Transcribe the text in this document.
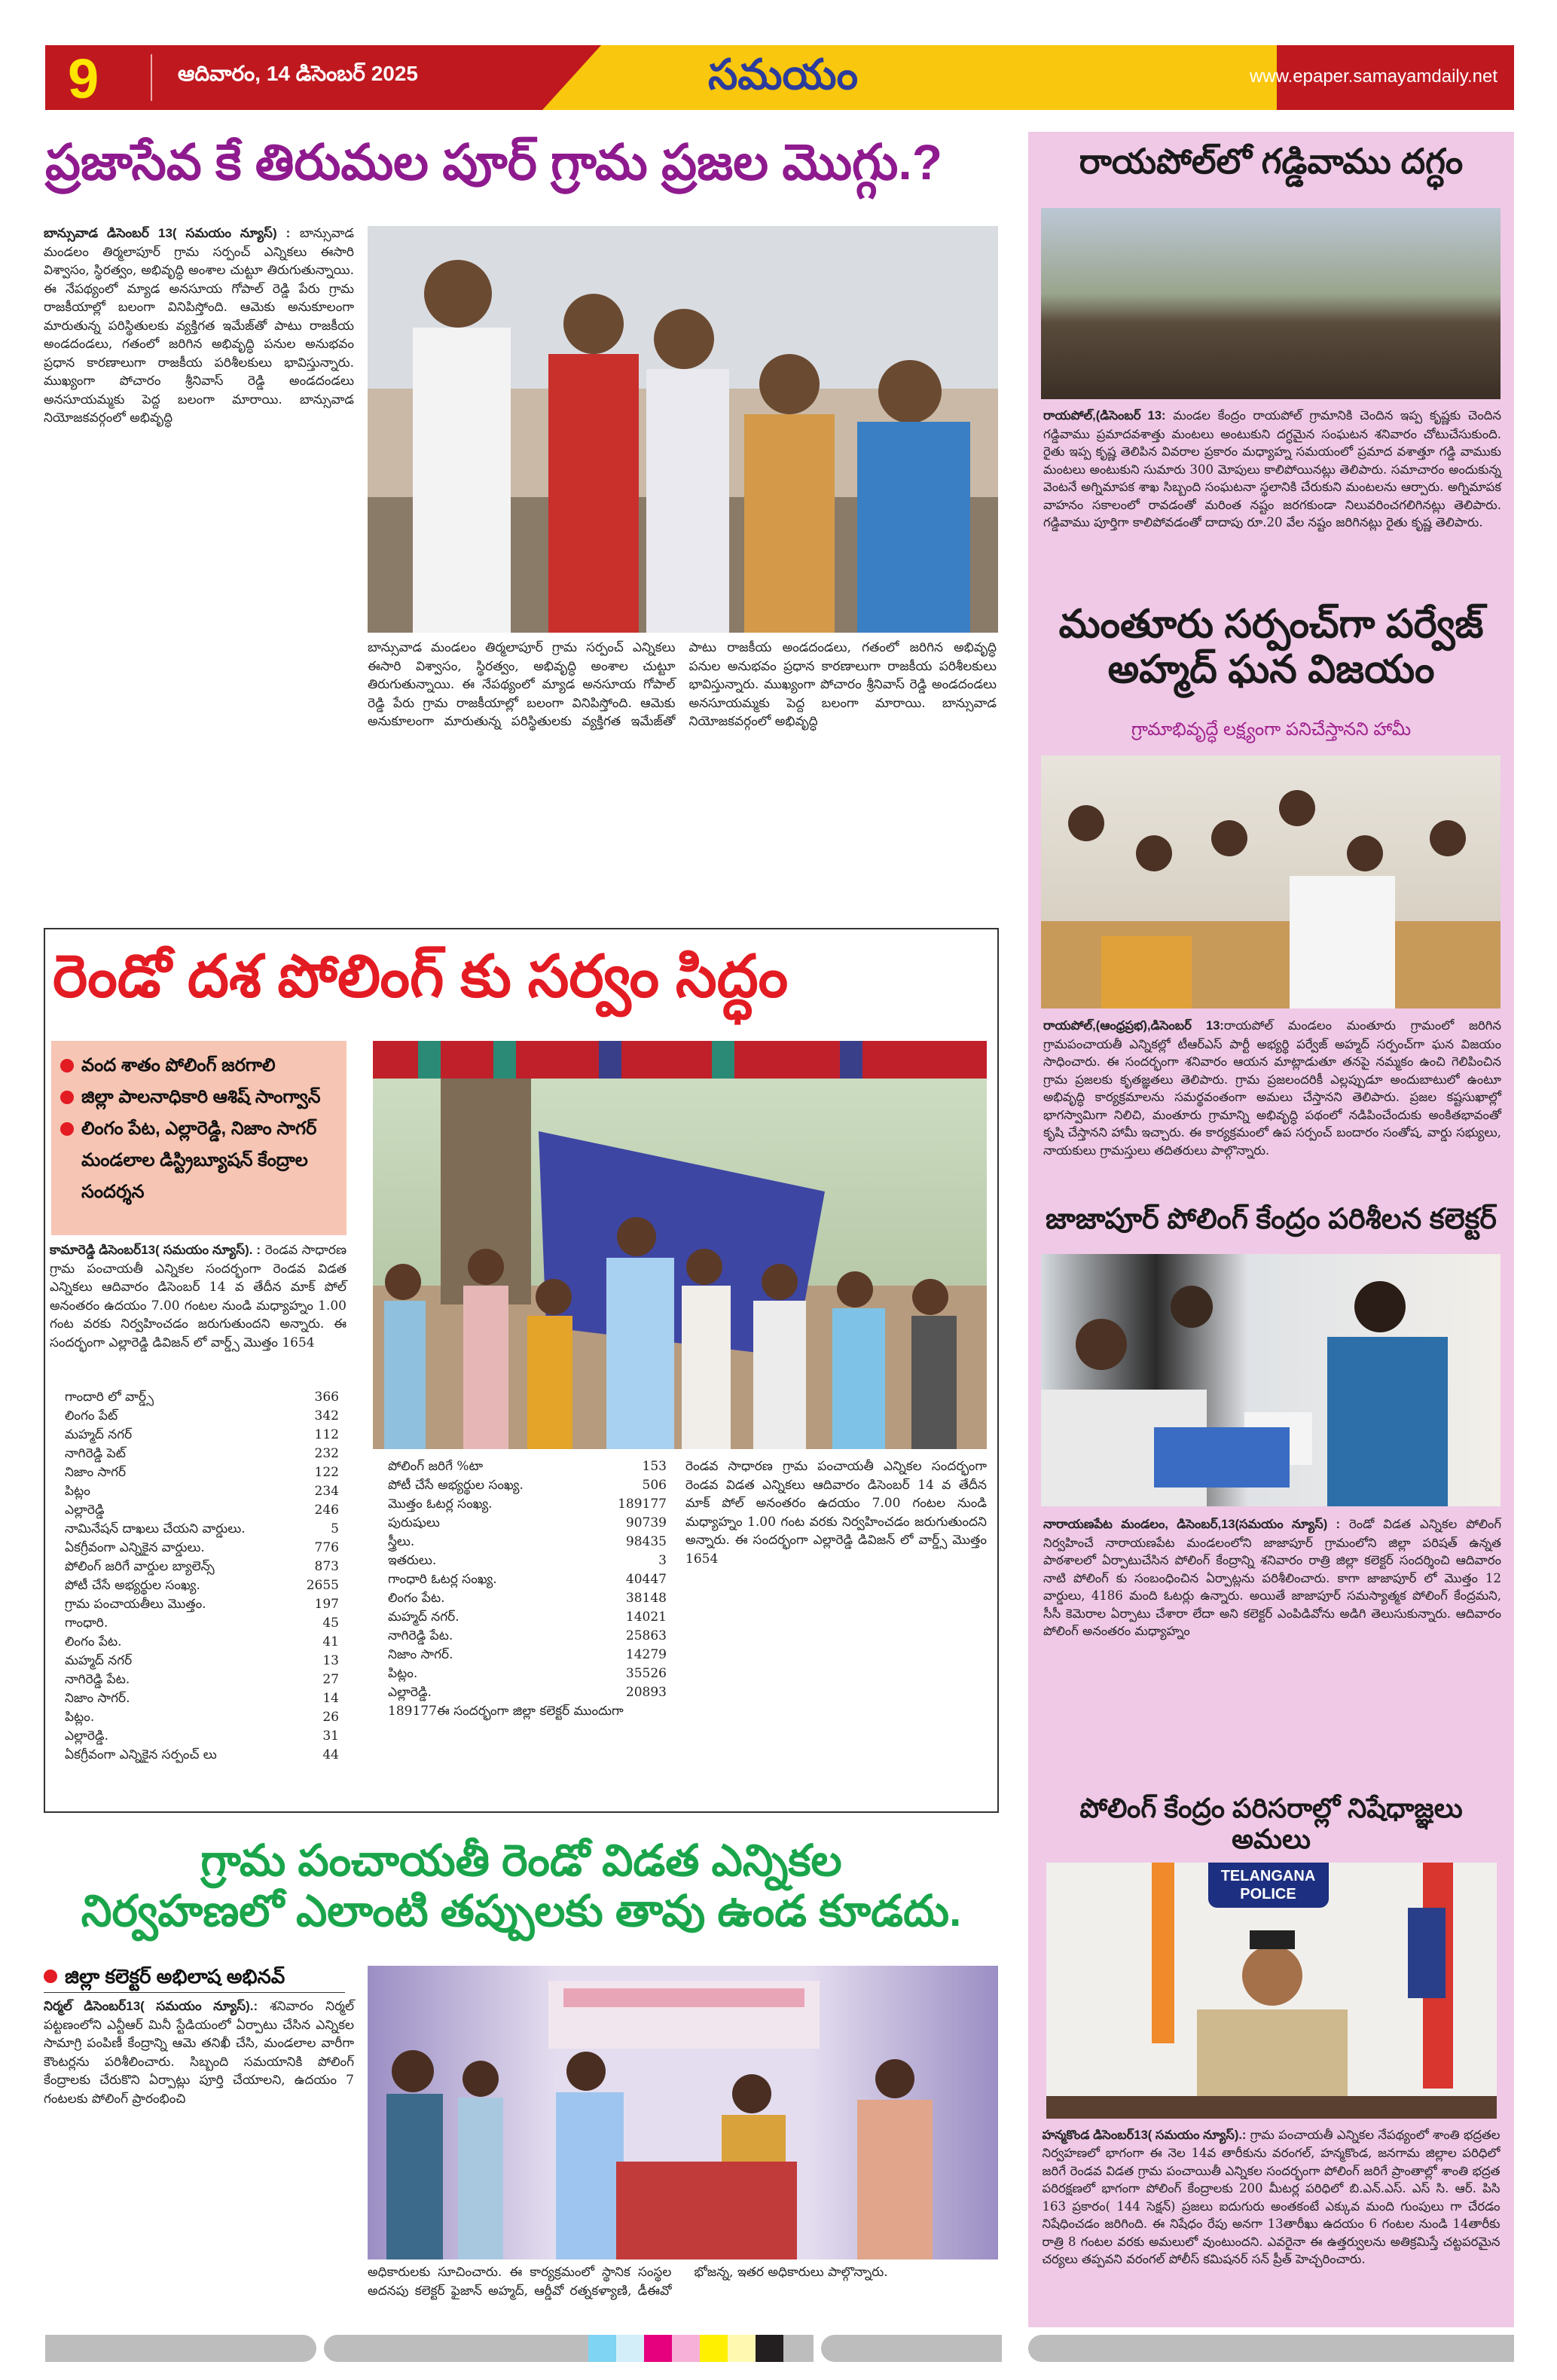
9	ఆదివారం, 14 డిసెంబర్ 2025	సమయం	www.epaper.samayamdaily.net
ప్రజాసేవ కే తిరుమల పూర్ గ్రామ ప్రజల మొగ్గు.?
బాన్సువాడ డిసెంబర్ 13( సమయం న్యూస్) : బాన్సువాడ మండలం తిర్మలాపూర్ గ్రామ సర్పంచ్ ఎన్నికలు ఈసారి విశ్వాసం, స్థిరత్వం, అభివృద్ధి అంశాల చుట్టూ తిరుగుతున్నాయి. ఈ నేపథ్యంలో మ్యాడ అనసూయ గోపాల్ రెడ్డి పేరు గ్రామ రాజకీయాల్లో బలంగా వినిపిస్తోంది. ఆమెకు అనుకూలంగా మారుతున్న పరిస్థితులకు వ్యక్తిగత ఇమేజ్‌తో పాటు రాజకీయ అండదండలు, గతంలో జరిగిన అభివృద్ధి పనుల అనుభవం ప్రధాన కారణాలుగా రాజకీయ పరిశీలకులు భావిస్తున్నారు. ముఖ్యంగా పోచారం శ్రీనివాస్ రెడ్డి అండదండలు అనసూయమ్మకు పెద్ద బలంగా మారాయి. బాన్సువాడ నియోజకవర్గంలో అభివృద్ధి
బాన్సువాడ మండలం తిర్మలాపూర్ గ్రామ సర్పంచ్ ఎన్నికలు ఈసారి విశ్వాసం, స్థిరత్వం, అభివృద్ధి అంశాల చుట్టూ తిరుగుతున్నాయి. ఈ నేపథ్యంలో మ్యాడ అనసూయ గోపాల్ రెడ్డి పేరు గ్రామ రాజకీయాల్లో బలంగా వినిపిస్తోంది. ఆమెకు అనుకూలంగా మారుతున్న పరిస్థితులకు వ్యక్తిగత ఇమేజ్‌తో పాటు రాజకీయ అండదండలు, గతంలో జరిగిన అభివృద్ధి పనుల అనుభవం ప్రధాన కారణాలుగా రాజకీయ పరిశీలకులు భావిస్తున్నారు. ముఖ్యంగా పోచారం శ్రీనివాస్ రెడ్డి అండదండలు అనసూయమ్మకు పెద్ద బలంగా మారాయి. బాన్సువాడ నియోజకవర్గంలో అభివృద్ధి
రెండో దశ పోలింగ్ కు సర్వం సిద్ధం
వంద శాతం పోలింగ్ జరగాలి
జిల్లా పాలనాధికారి ఆశిష్ సాంగ్వాన్
లింగం పేట, ఎల్లారెడ్డి, నిజాం సాగర్ మండలాల డిస్ట్రిబ్యూషన్ కేంద్రాల సందర్శన
కామారెడ్డి డిసెంబర్13( సమయం న్యూస్). : రెండవ సాధారణ గ్రామ పంచాయతీ ఎన్నికల సందర్భంగా రెండవ విడత ఎన్నికలు ఆదివారం డిసెంబర్ 14 వ తేదీన మాక్ పోల్ అనంతరం ఉదయం 7.00 గంటల నుండి మధ్యాహ్నం 1.00 గంట వరకు నిర్వహించడం జరుగుతుందని అన్నారు. ఈ సందర్భంగా ఎల్లారెడ్డి డివిజన్ లో వార్డ్స్ మొత్తం 1654
గాందారి లో వార్డ్స్	366
లింగం పేట్	342
మహ్మద్ నగర్	112
నాగిరెడ్డి పెట్	232
నిజాం సాగర్	122
పిట్లం	234
ఎల్లారెడ్డి	246
నామినేషన్ దాఖలు చేయని వార్డులు.	5
ఏకగ్రీవంగా ఎన్నికైన వార్డులు.	776
పోలింగ్ జరిగే వార్డుల బ్యాలెన్స్	873
పోటీ చేసే అభ్యర్థుల సంఖ్య.	2655
గ్రామ పంచాయతీలు మొత్తం.	197
గాంధారి.	45
లింగం పేట.	41
మహ్మద్ నగర్	13
నాగిరెడ్డి పేట.	27
నిజాం సాగర్.	14
పిట్లం.	26
ఎల్లారెడ్డి.	31
ఏకగ్రీవంగా ఎన్నికైన సర్పంచ్ లు	44
పోలింగ్ జరిగే %టా	153
పోటీ చేసే అభ్యర్థుల సంఖ్య.	506
మొత్తం ఓటర్ల సంఖ్య.	189177
పురుషులు	90739
స్త్రీలు.	98435
ఇతరులు.	3
గాంధారి ఓటర్ల సంఖ్య.	40447
లింగం పేట.	38148
మహ్మద్ నగర్.	14021
నాగిరెడ్డి పేట.	25863
నిజాం సాగర్.	14279
పిట్లం.	35526
ఎల్లారెడ్డి.	20893
189177ఈ సందర్భంగా జిల్లా కలెక్టర్ ముందుగా
రెండవ సాధారణ గ్రామ పంచాయతీ ఎన్నికల సందర్భంగా రెండవ విడత ఎన్నికలు ఆదివారం డిసెంబర్ 14 వ తేదీన మాక్ పోల్ అనంతరం ఉదయం 7.00 గంటల నుండి మధ్యాహ్నం 1.00 గంట వరకు నిర్వహించడం జరుగుతుందని అన్నారు. ఈ సందర్భంగా ఎల్లారెడ్డి డివిజన్ లో వార్డ్స్ మొత్తం 1654
గ్రామ పంచాయతీ రెండో విడత ఎన్నికల
నిర్వహణలో ఎలాంటి తప్పులకు తావు ఉండ కూడదు.
జిల్లా కలెక్టర్ అభిలాష అభినవ్
నిర్మల్ డిసెంబర్13( సమయం న్యూస్).: శనివారం నిర్మల్ పట్టణంలోని ఎన్టీఆర్ మినీ స్టేడియంలో ఏర్పాటు చేసిన ఎన్నికల సామాగ్రి పంపిణీ కేంద్రాన్ని ఆమె తనిఖీ చేసి, మండలాల వారీగా కౌంటర్లను పరిశీలించారు. సిబ్బంది సమయానికి పోలింగ్ కేంద్రాలకు చేరుకొని ఏర్పాట్లు పూర్తి చేయాలని, ఉదయం 7 గంటలకు పోలింగ్ ప్రారంభించి
అధికారులకు సూచించారు. ఈ కార్యక్రమంలో స్థానిక సంస్థల అదనపు కలెక్టర్ ఫైజాన్ అహ్మద్, ఆర్డీవో రత్నకళ్యాణి, డీఈవో భోజన్న, ఇతర అధికారులు పాల్గొన్నారు.
రాయపోల్‌లో గడ్డివాము దగ్ధం
రాయపోల్,(డిసెంబర్ 13: మండల కేంద్రం రాయపోల్ గ్రామానికి చెందిన ఇప్ప కృష్ణకు చెందిన గడ్డివాము ప్రమాదవశాత్తు మంటలు అంటుకుని దగ్ధమైన సంఘటన శనివారం చోటుచేసుకుంది. రైతు ఇప్ప కృష్ణ తెలిపిన వివరాల ప్రకారం మధ్యాహ్న సమయంలో ప్రమాద వశాత్తూ గడ్డి వాముకు మంటలు అంటుకుని సుమారు 300 మోపులు కాలిపోయినట్లు తెలిపారు. సమాచారం అందుకున్న వెంటనే అగ్నిమాపక శాఖ సిబ్బంది సంఘటనా స్థలానికి చేరుకుని మంటలను ఆర్పారు. అగ్నిమాపక వాహనం సకాలంలో రావడంతో మరింత నష్టం జరగకుండా నిలువరించగలిగినట్లు తెలిపారు. గడ్డివాము పూర్తిగా కాలిపోవడంతో దాదాపు రూ.20 వేల నష్టం జరిగినట్లు రైతు కృష్ణ తెలిపారు.
మంతూరు సర్పంచ్‌గా పర్వేజ్ అహ్మద్ ఘన విజయం
గ్రామాభివృద్ధే లక్ష్యంగా పనిచేస్తానని హామీ
రాయపోల్,(ఆంధ్రప్రభ),డిసెంబర్ 13:రాయపోల్ మండలం మంతూరు గ్రామంలో జరిగిన గ్రామపంచాయతీ ఎన్నికల్లో టీఆర్ఎస్ పార్టీ అభ్యర్థి పర్వేజ్ అహ్మద్ సర్పంచ్‌గా ఘన విజయం సాధించారు. ఈ సందర్భంగా శనివారం ఆయన మాట్లాడుతూ తనపై నమ్మకం ఉంచి గెలిపించిన గ్రామ ప్రజలకు కృతజ్ఞతలు తెలిపారు. గ్రామ ప్రజలందరికీ ఎల్లప్పుడూ అందుబాటులో ఉంటూ అభివృద్ధి కార్యక్రమాలను సమర్థవంతంగా అమలు చేస్తానని తెలిపారు. ప్రజల కష్టసుఖాల్లో భాగస్వామిగా నిలిచి, మంతూరు గ్రామాన్ని అభివృద్ధి పథంలో నడిపించేందుకు అంకితభావంతో కృషి చేస్తానని హామీ ఇచ్చారు. ఈ కార్యక్రమంలో ఉప సర్పంచ్ బందారం సంతోష, వార్డు సభ్యులు, నాయకులు గ్రామస్తులు తదితరులు పాల్గొన్నారు.
జాజాపూర్ పోలింగ్ కేంద్రం పరిశీలన కలెక్టర్
నారాయణపేట మండలం, డిసెంబర్,13(సమయం న్యూస్) : రెండో విడత ఎన్నికల పోలింగ్ నిర్వహించే నారాయణపేట మండలంలోని జాజాపూర్ గ్రామంలోని జిల్లా పరిషత్ ఉన్నత పాఠశాలలో ఏర్పాటుచేసిన పోలింగ్ కేంద్రాన్ని శనివారం రాత్రి జిల్లా కలెక్టర్ సందర్శించి ఆదివారం నాటి పోలింగ్ కు సంబంధించిన ఏర్పాట్లను పరిశీలించారు. కాగా జాజాపూర్ లో మొత్తం 12 వార్డులు, 4186 మంది ఓటర్లు ఉన్నారు. అయితే జాజాపూర్ సమస్యాత్మక పోలింగ్ కేంద్రమని, సీసీ కెమెరాల ఏర్పాటు చేశారా లేదా అని కలెక్టర్ ఎంపిడివోను అడిగి తెలుసుకున్నారు. ఆదివారం పోలింగ్ అనంతరం మధ్యాహ్నం
పోలింగ్ కేంద్రం పరిసరాల్లో నిషేధాజ్ఞలు అమలు
TELANGANA POLICE
హన్మకొండ డిసెంబర్13( సమయం న్యూస్).: గ్రామ పంచాయతీ ఎన్నికల నేపథ్యంలో శాంతి భద్రతల నిర్వహణలో భాగంగా ఈ నెల 14వ తారీకును వరంగల్, హన్మకొండ, జనగామ జిల్లాల పరిధిలో జరిగే రెండవ విడత గ్రామ పంచాయితీ ఎన్నికల సందర్భంగా పోలింగ్ జరిగే ప్రాంతాల్లో శాంతి భద్రత పరిరక్షణలో భాగంగా పోలింగ్ కేంద్రాలకు 200 మీటర్ల పరిధిలో బి.ఎన్.ఎస్. ఎస్ సి. ఆర్. పిసి 163 ప్రకారం( 144 సెక్షన్) ప్రజలు ఐదుగురు అంతకంటే ఎక్కువ మంది గుంపులు గా చేరడం నిషేధించడం జరిగింది. ఈ నిషేధం రేపు అనగా 13తారీఖు ఉదయం 6 గంటల నుండి 14తారీకు రాత్రి 8 గంటల వరకు అమలులో వుంటుందని. ఎవరైనా ఈ ఉత్తర్వులను అతిక్రమిస్తే చట్టపరమైన చర్యలు తప్పవని వరంగల్ పోలీస్ కమిషనర్ సన్ ప్రీత్ హెచ్చరించారు.
